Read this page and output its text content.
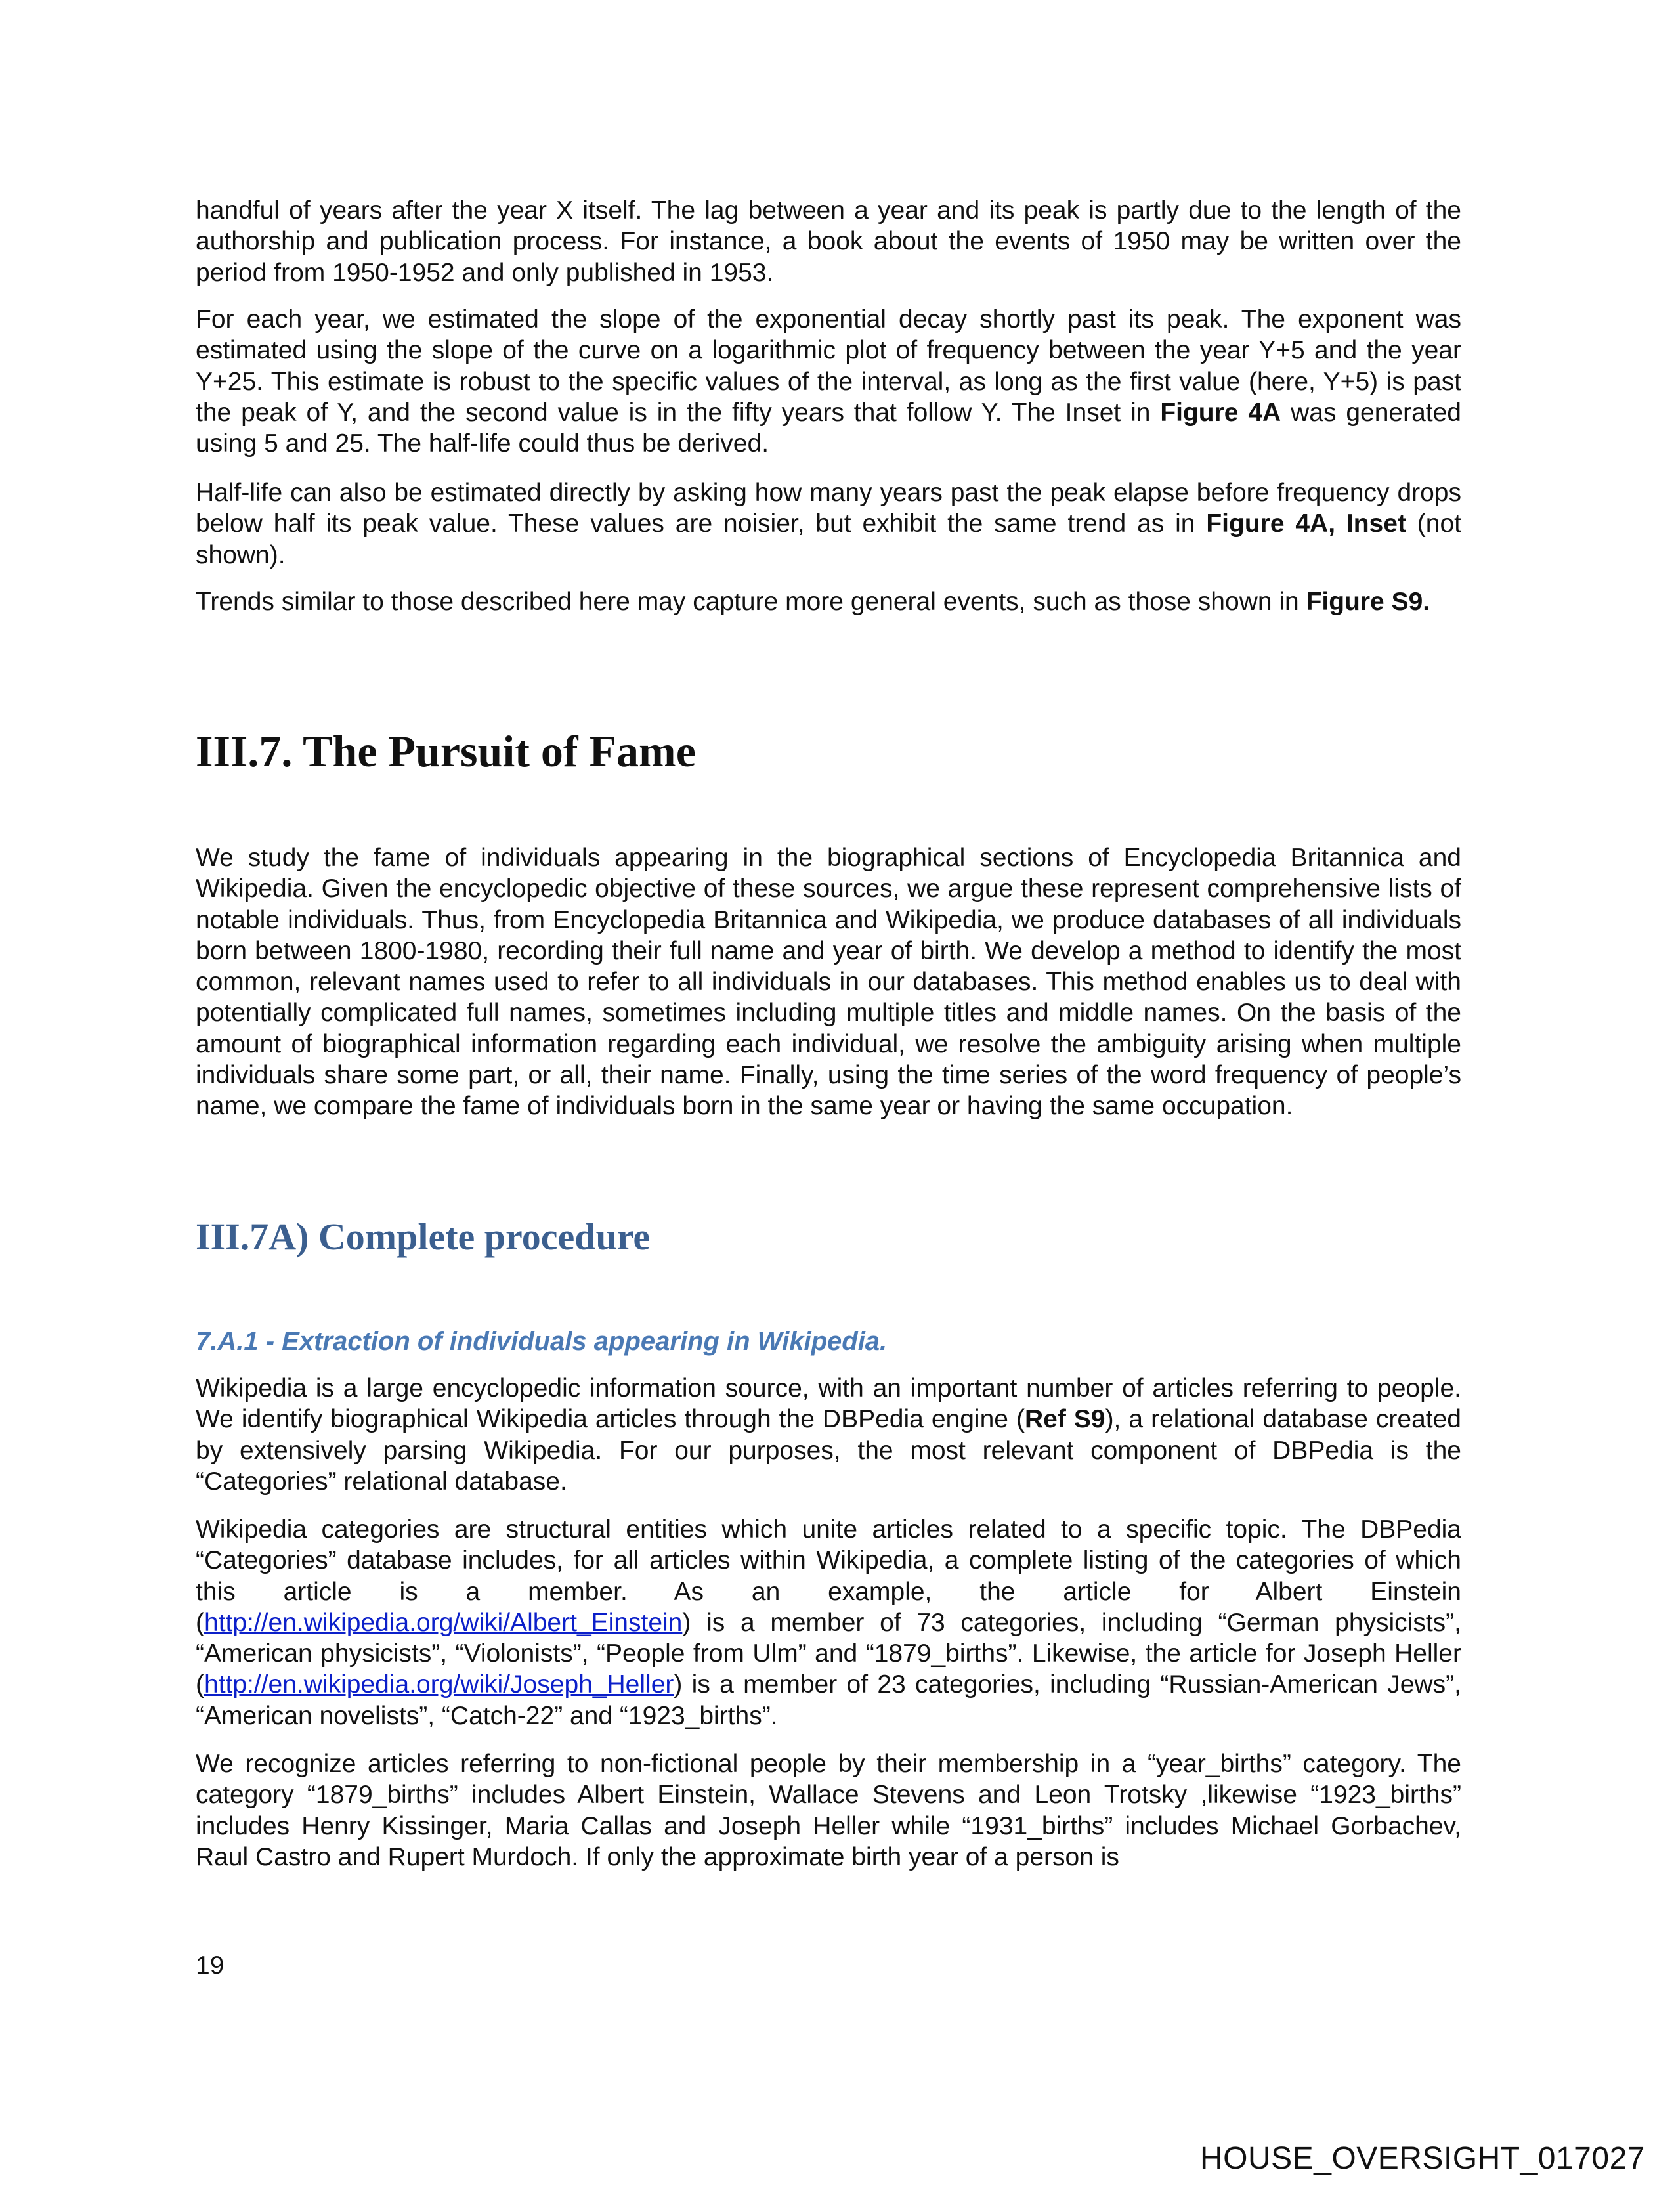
handful of years after the year X itself. The lag between a year and its peak is partly due to the length of the authorship and publication process. For instance, a book about the events of 1950 may be written over the period from 1950-1952 and only published in 1953.

For each year, we estimated the slope of the exponential decay shortly past its peak. The exponent was estimated using the slope of the curve on a logarithmic plot of frequency between the year Y+5 and the year Y+25. This estimate is robust to the specific values of the interval, as long as the first value (here, Y+5) is past the peak of Y, and the second value is in the fifty years that follow Y. The Inset in Figure 4A was generated using 5 and 25. The half-life could thus be derived.

Half-life can also be estimated directly by asking how many years past the peak elapse before frequency drops below half its peak value. These values are noisier, but exhibit the same trend as in Figure 4A, Inset (not shown).

Trends similar to those described here may capture more general events, such as those shown in Figure S9.

III.7. The Pursuit of Fame

We study the fame of individuals appearing in the biographical sections of Encyclopedia Britannica and Wikipedia. Given the encyclopedic objective of these sources, we argue these represent comprehensive lists of notable individuals. Thus, from Encyclopedia Britannica and Wikipedia, we produce databases of all individuals born between 1800-1980, recording their full name and year of birth. We develop a method to identify the most common, relevant names used to refer to all individuals in our databases. This method enables us to deal with potentially complicated full names, sometimes including multiple titles and middle names. On the basis of the amount of biographical information regarding each individual, we resolve the ambiguity arising when multiple individuals share some part, or all, their name. Finally, using the time series of the word frequency of people’s name, we compare the fame of individuals born in the same year or having the same occupation.

III.7A) Complete procedure
7.A.1 - Extraction of individuals appearing in Wikipedia.

Wikipedia is a large encyclopedic information source, with an important number of articles referring to people. We identify biographical Wikipedia articles through the DBPedia engine (Ref S9), a relational database created by extensively parsing Wikipedia. For our purposes, the most relevant component of DBPedia is the “Categories” relational database.

Wikipedia categories are structural entities which unite articles related to a specific topic. The DBPedia “Categories” database includes, for all articles within Wikipedia, a complete listing of the categories of which this article is a member. As an example, the article for Albert Einstein (http://en.wikipedia.org/wiki/Albert_Einstein) is a member of 73 categories, including “German physicists”, “American physicists”, “Violonists”, “People from Ulm” and “1879_births”. Likewise, the article for Joseph Heller (http://en.wikipedia.org/wiki/Joseph_Heller) is a member of 23 categories, including “Russian-American Jews”, “American novelists”, “Catch-22” and “1923_births”.

We recognize articles referring to non-fictional people by their membership in a “year_births” category. The category “1879_births” includes Albert Einstein, Wallace Stevens and Leon Trotsky ,likewise “1923_births” includes Henry Kissinger, Maria Callas and Joseph Heller while “1931_births” includes Michael Gorbachev, Raul Castro and Rupert Murdoch. If only the approximate birth year of a person is

19
HOUSE_OVERSIGHT_017027
